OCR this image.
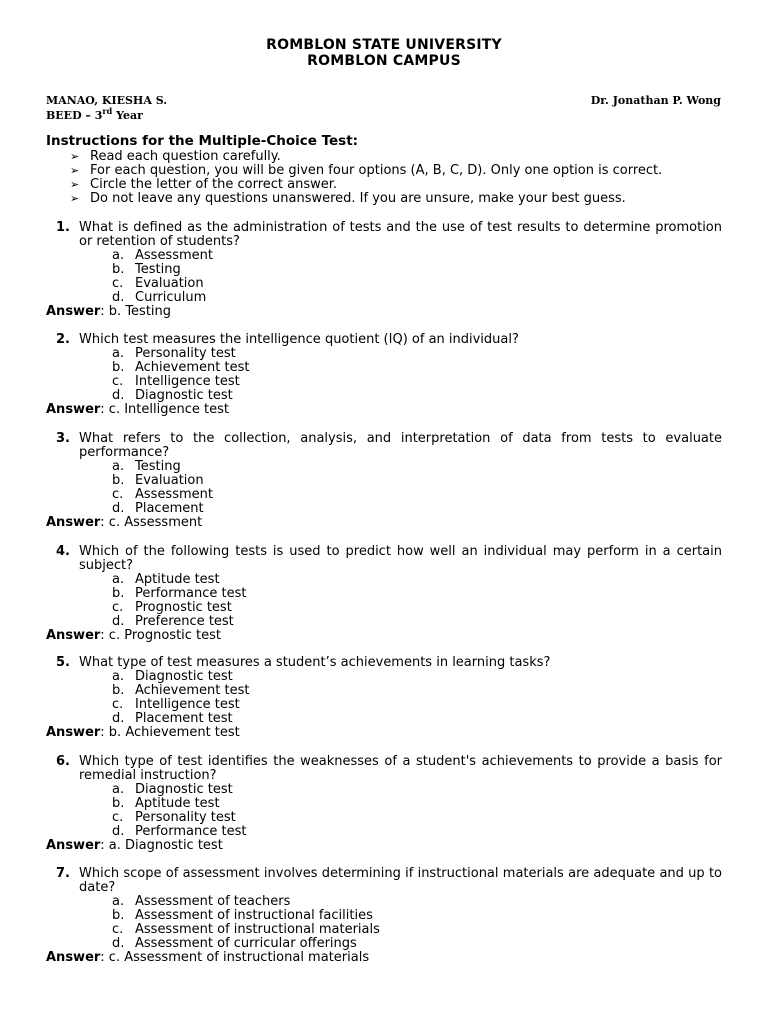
ROMBLON STATE UNIVERSITY
ROMBLON CAMPUS
MANAO, KIESHA S.	Dr. Jonathan P. Wong
BEED – 3rd Year
Instructions for the Multiple-Choice Test:
➢ Read each question carefully.
➢ For each question, you will be given four options (A, B, C, D). Only one option is correct.
➢ Circle the letter of the correct answer.
➢ Do not leave any questions unanswered. If you are unsure, make your best guess.
1. What is defined as the administration of tests and the use of test results to determine promotion or retention of students?
a. Assessment
b. Testing
c. Evaluation
d. Curriculum
Answer: b. Testing
2. Which test measures the intelligence quotient (IQ) of an individual?
a. Personality test
b. Achievement test
c. Intelligence test
d. Diagnostic test
Answer: c. Intelligence test
3. What refers to the collection, analysis, and interpretation of data from tests to evaluate performance?
a. Testing
b. Evaluation
c. Assessment
d. Placement
Answer: c. Assessment
4. Which of the following tests is used to predict how well an individual may perform in a certain subject?
a. Aptitude test
b. Performance test
c. Prognostic test
d. Preference test
Answer: c. Prognostic test
5. What type of test measures a student’s achievements in learning tasks?
a. Diagnostic test
b. Achievement test
c. Intelligence test
d. Placement test
Answer: b. Achievement test
6. Which type of test identifies the weaknesses of a student's achievements to provide a basis for remedial instruction?
a. Diagnostic test
b. Aptitude test
c. Personality test
d. Performance test
Answer: a. Diagnostic test
7. Which scope of assessment involves determining if instructional materials are adequate and up to date?
a. Assessment of teachers
b. Assessment of instructional facilities
c. Assessment of instructional materials
d. Assessment of curricular offerings
Answer: c. Assessment of instructional materials
